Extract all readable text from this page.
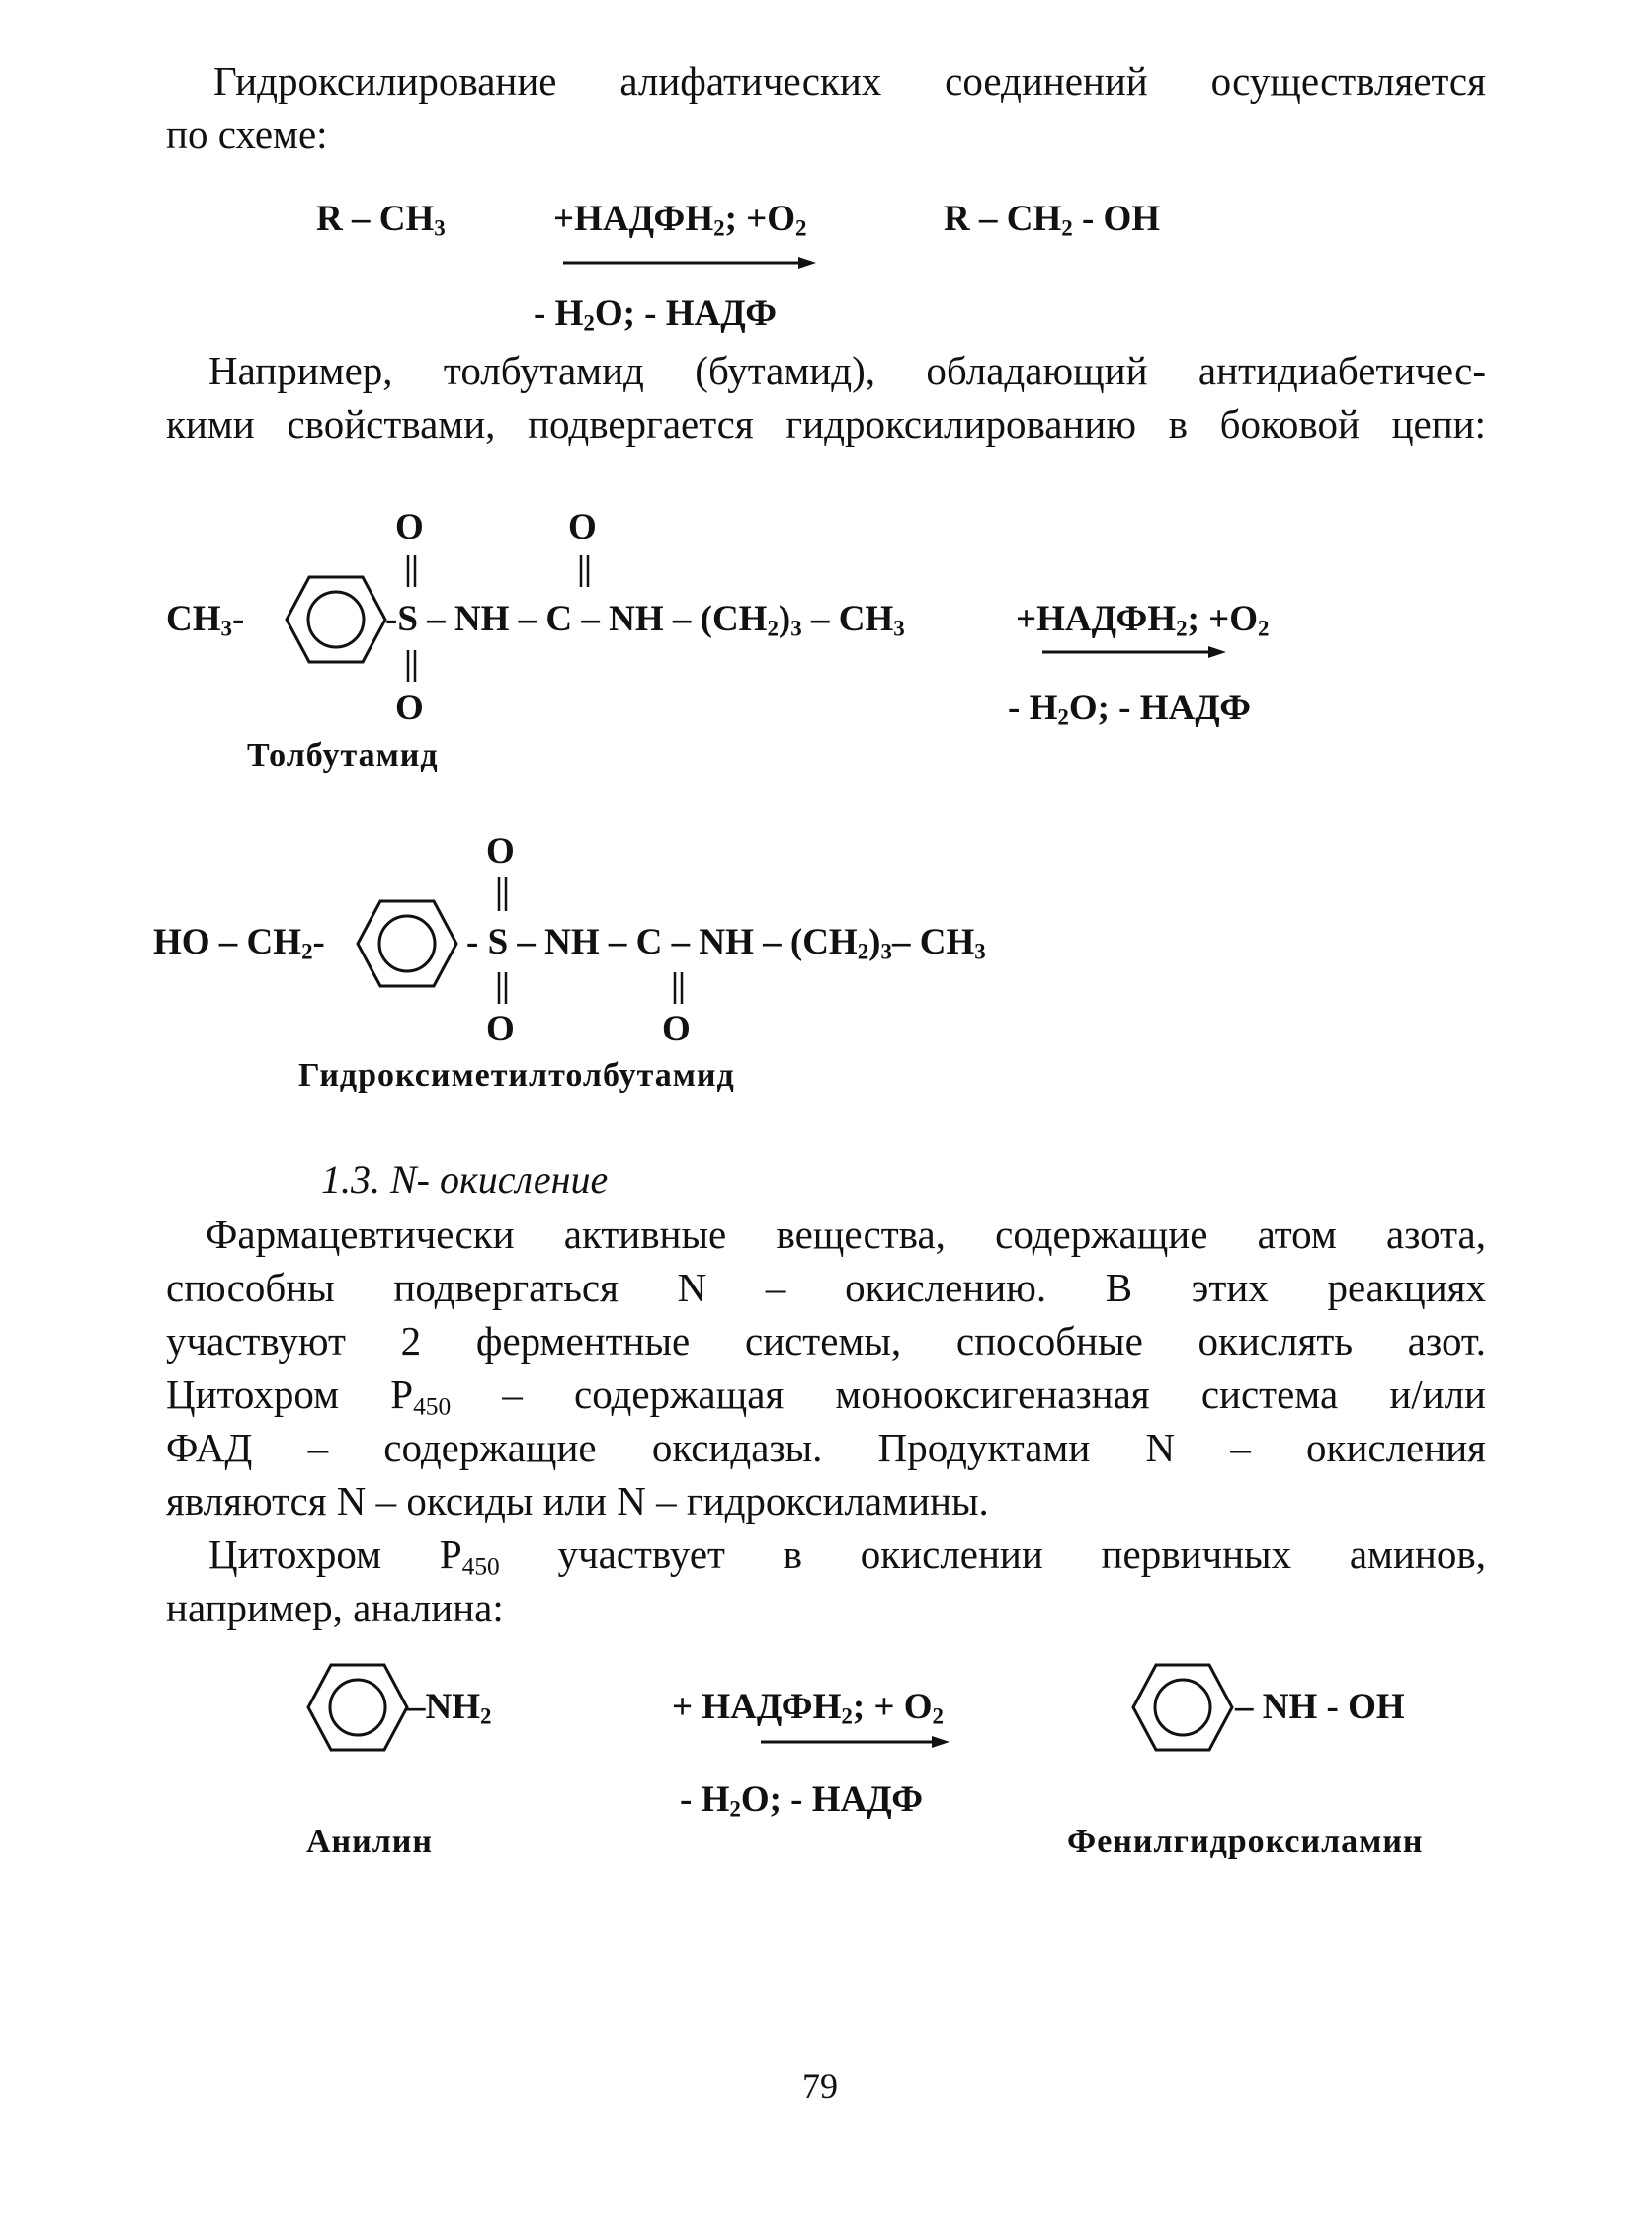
Гидроксилирование алифатических соединений осуществляется
по схеме:
R – $CH_3$	$+НАДФН_2$; $+O_2$	R – $CH_2$ - OH
- $H_2O$; - НАДФ
Например, толбутамид (бутамид), обладающий антидиабетичес-
кими свойствами, подвергается гидроксилированию в боковой цепи:
$CH_3-$	-S – NH – C – NH – $(CH_2)_3 - CH_3$
O	O
O
$+НАДФН_2$; $+O_2$
- $H_2O$; - НАДФ
Толбутамид
HO – $CH_2-$	- S – NH – C – NH – $(CH_2)_3-$ $CH_3$
O
O	O
Гидроксиметилтолбутамид
1.3. N- окисление
Фармацевтически активные вещества, содержащие атом азота,
способны подвергаться N – окислению. В этих реакциях
участвуют 2 ферментные системы, способные окислять азот.
Цитохром $P_{450}$ – содержащая монооксигеназная система и/или
ФАД – содержащие оксидазы. Продуктами N – окисления
являются N – оксиды или N – гидроксиламины.
Цитохром $P_{450}$ участвует в окислении первичных аминов,
например, аналина:
$-NH_2$	+ $НАДФН_2$; + $O_2$
- $H_2O$; - НАДФ
– NH - OH
Анилин	Фенилгидроксиламин
79
